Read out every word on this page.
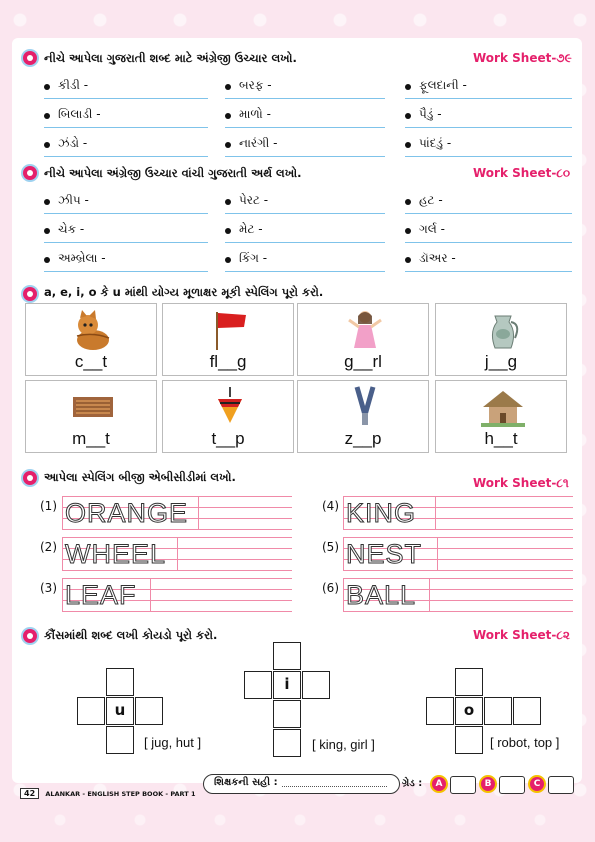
નીચે આપેલા ગુજરાતી શબ્દ માટે અંગ્રેજી ઉચ્ચાર લખો.	Work Sheet-૭૯
કીડી -	બરફ -	ફૂલદાની -
બિલાડી -	માળો -	પૈડું -
ઝંડો -	નારંગી -	પાંદડું -
નીચે આપેલા અંગ્રેજી ઉચ્ચાર વાંચી ગુજરાતી અર્થ લખો.	Work Sheet-૮૦
ઝીપ -	પેરટ -	હટ -
ચેક -	મેટ -	ગર્લ -
અમ્બ્રેલા -	કિંગ -	ડૉઅર -
a, e, i, o કે u માંથી યોગ્ય મૂળાક્ષર મૂકી સ્પેલિંગ પૂરો કરો.
c__t	fl__g	g__rl	j__g
m__t	t__p	z__p	h__t
આપેલા સ્પેલિંગ બીજી એબીસીડીમાં લખો.	Work Sheet-૮૧
(1) ORANGE	(4) KING
(2) WHEEL	(5) NEST
(3) LEAF	(6) BALL
કૌંસમાંથી શબ્દ લખી કોયડો પૂરો કરો.	Work Sheet-૮૨
u
[ jug, hut ]
i
[ king, girl ]
o
[ robot, top ]
42 ALANKAR - ENGLISH STEP BOOK - PART 1
શિક્ષકની સહી :	ગ્રેડ :	A	B	C
